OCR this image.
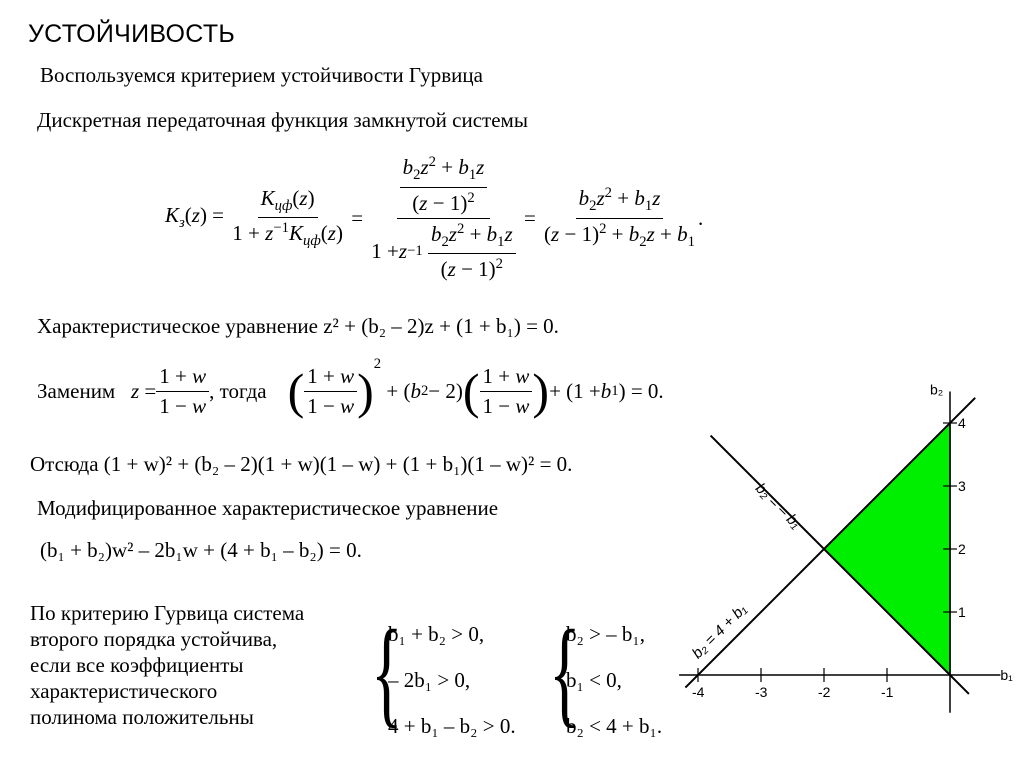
УСТОЙЧИВОСТЬ
Воспользуемся критерием устойчивости Гурвица
Дискретная передаточная функция замкнутой системы
$K_з(z) = \frac{K_{цф}(z)}{1 + z^{-1}K_{цф}(z)} = \frac{b_2z^2 + b_1z}{(z - 1)^2}$
1 + z −1
$\frac{b_2z^2 + b_1z}{(z - 1)^2} = \frac{b_2z^2 + b_1z}{(z - 1)^2 + b_2z + b_1}$ .
Характеристическое уравнение z² + (b₂ – 2)z + (1 + b₁) = 0.
Заменим $z = \frac{1 + w}{1 - w}$ , тогда
( $\frac{1 + w}{1 - w} )^2$
+ ( b 2 − 2) ( $\frac{1 + w}{1 - w}$ ) + (1 + b 1 ) = 0.
Отсюда (1 + w)² + (b₂ – 2)(1 + w)(1 – w) + (1 + b₁)(1 – w)² = 0.
Модифицированное характеристическое уравнение
(b₁ + b₂)w² – 2b₁w + (4 + b₁ – b₂) = 0.
По критерию Гурвица система
второго порядка устойчива,
если все коэффициенты
характеристического
полинома положительны {
b₁ + b₂ > 0,
– 2b₁ > 0,
4 + b₁ – b₂ > 0. {
b₂ > – b₁,
b₁ < 0,
b₂ < 4 + b₁.
-4	-3	-2	-1
1
2
3
4
b₂
b₁
b₂ = – b₁
b₂ = 4 + b₁
